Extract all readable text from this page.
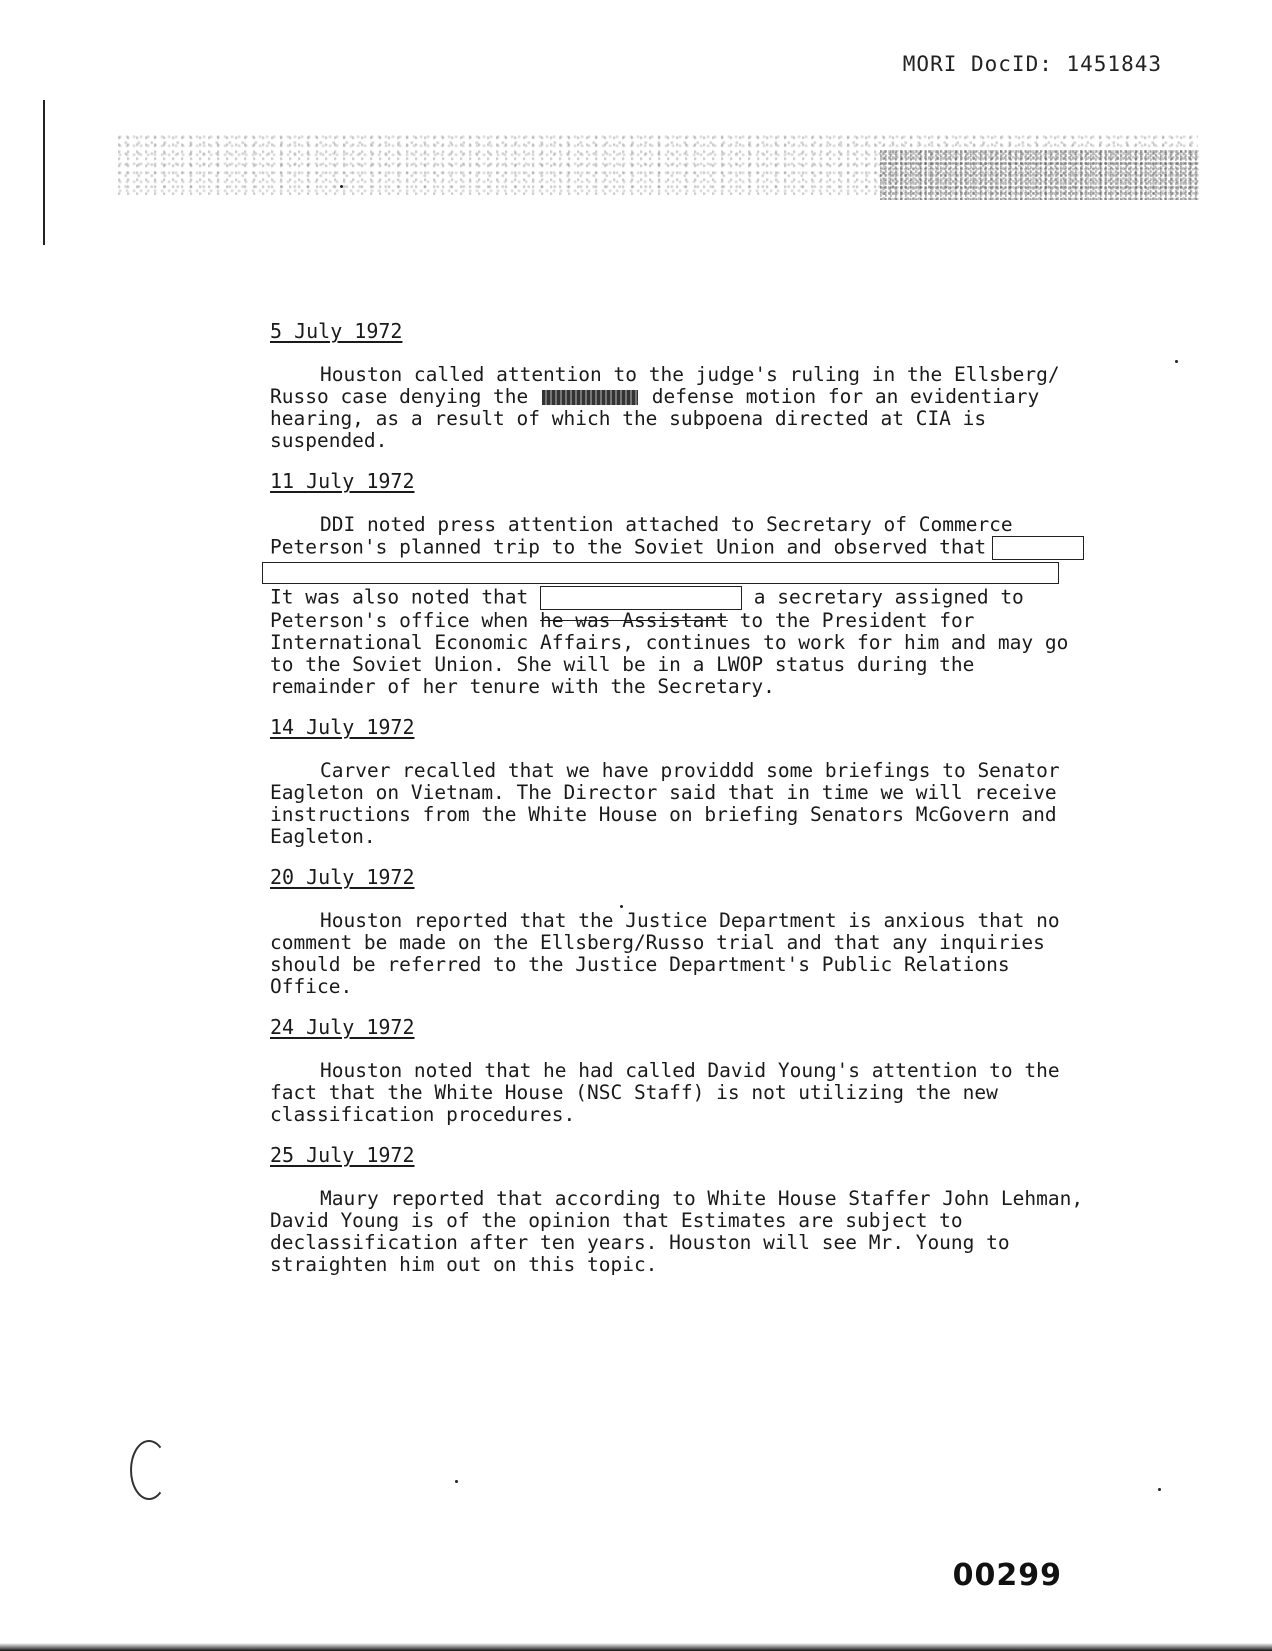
MORI DocID: 1451843
5 July 1972

Houston called attention to the judge's ruling in the Ellsberg/ Russo case denying the	defense motion for an evidentiary hearing, as a result of which the subpoena directed at CIA is suspended.

11 July 1972

DDI noted press attention attached to Secretary of Commerce Peterson's planned trip to the Soviet Union and observed that
It was also noted that	a secretary assigned to Peterson's office when he was Assistant to the President for International Economic Affairs, continues to work for him and may go to the Soviet Union. She will be in a LWOP status during the remainder of her tenure with the Secretary.

14 July 1972

Carver recalled that we have providdd some briefings to Senator Eagleton on Vietnam. The Director said that in time we will receive instructions from the White House on briefing Senators McGovern and Eagleton.

20 July 1972

Houston reported that the Justice Department is anxious that no comment be made on the Ellsberg/Russo trial and that any inquiries should be referred to the Justice Department's Public Relations Office.

24 July 1972

Houston noted that he had called David Young's attention to the fact that the White House (NSC Staff) is not utilizing the new classification procedures.

25 July 1972

Maury reported that according to White House Staffer John Lehman, David Young is of the opinion that Estimates are subject to declassification after ten years. Houston will see Mr. Young to straighten him out on this topic.

00299
